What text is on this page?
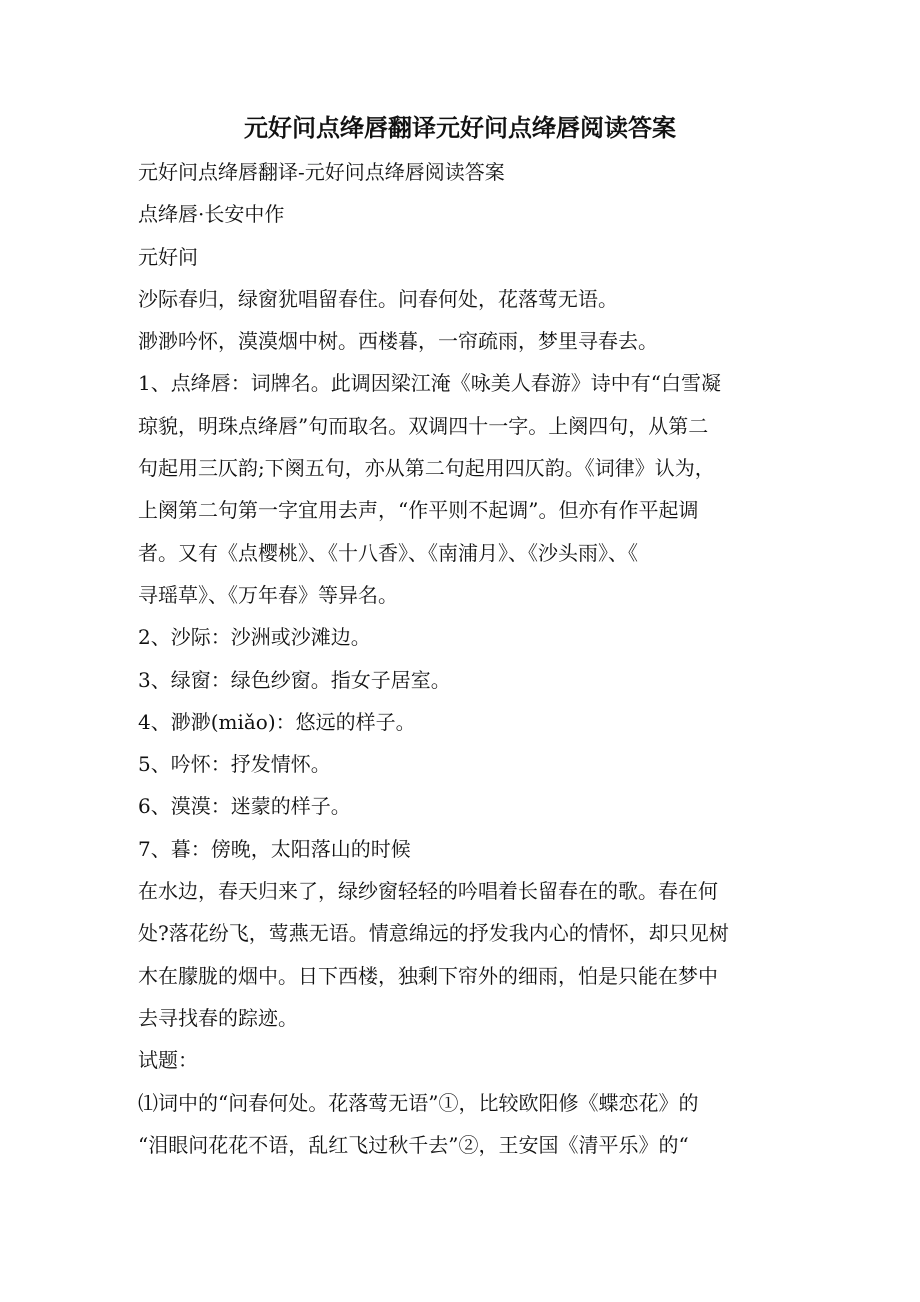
元好问点绛唇翻译元好问点绛唇阅读答案
元好问点绛唇翻译-元好问点绛唇阅读答案
点绛唇·长安中作
元好问
沙际春归，绿窗犹唱留春住。问春何处，花落莺无语。
渺渺吟怀，漠漠烟中树。西楼暮，一帘疏雨，梦里寻春去。
1、点绛唇：词牌名。此调因梁江淹《咏美人春游》诗中有“白雪凝
琼貌，明珠点绛唇”句而取名。双调四十一字。上阕四句，从第二
句起用三仄韵;下阕五句，亦从第二句起用四仄韵。《词律》认为，
上阕第二句第一字宜用去声，“作平则不起调”。但亦有作平起调
者。又有《点樱桃》、《十八香》、《南浦月》、《沙头雨》、《
寻瑶草》、《万年春》等异名。
2、沙际：沙洲或沙滩边。
3、绿窗：绿色纱窗。指女子居室。
4、渺渺(miǎo)：悠远的样子。
5、吟怀：抒发情怀。
6、漠漠：迷蒙的样子。
7、暮：傍晚，太阳落山的时候
在水边，春天归来了，绿纱窗轻轻的吟唱着长留春在的歌。春在何
处?落花纷飞，莺燕无语。情意绵远的抒发我内心的情怀，却只见树
木在朦胧的烟中。日下西楼，独剩下帘外的细雨，怕是只能在梦中
去寻找春的踪迹。
试题：
⑴词中的“问春何处。花落莺无语”①，比较欧阳修《蝶恋花》的
“泪眼问花花不语，乱红飞过秋千去”②，王安国《清平乐》的“
